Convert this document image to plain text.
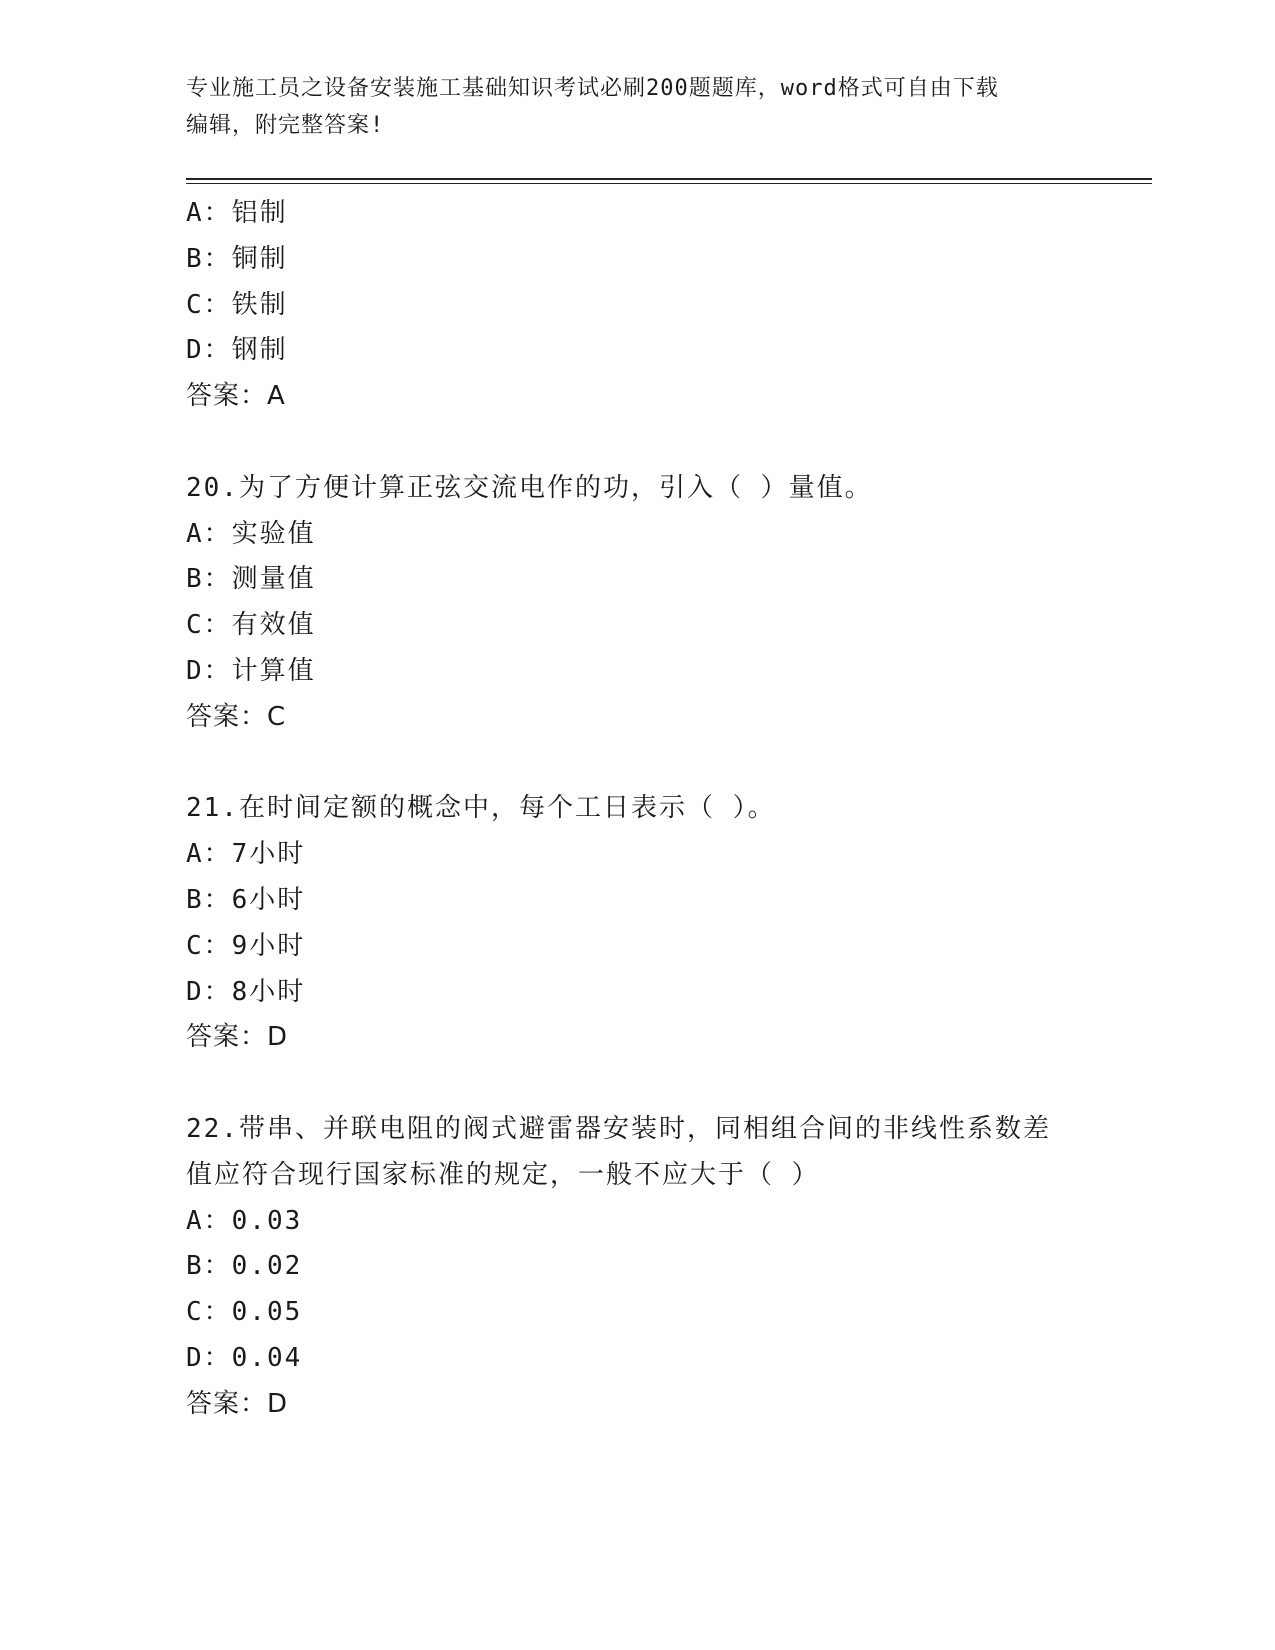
专业施工员之设备安装施工基础知识考试必刷200题题库，word格式可自由下载
编辑，附完整答案!
A：铝制
B：铜制
C：铁制
D：钢制
答案：A
20.为了方便计算正弦交流电作的功，引入（ ）量值。
A：实验值
B：测量值
C：有效值
D：计算值
答案：C
21.在时间定额的概念中，每个工日表示（ ）。
A：7小时
B：6小时
C：9小时
D：8小时
答案：D
22.带串、并联电阻的阀式避雷器安装时，同相组合间的非线性系数差
值应符合现行国家标准的规定，一般不应大于（ ）
A：0.03
B：0.02
C：0.05
D：0.04
答案：D
